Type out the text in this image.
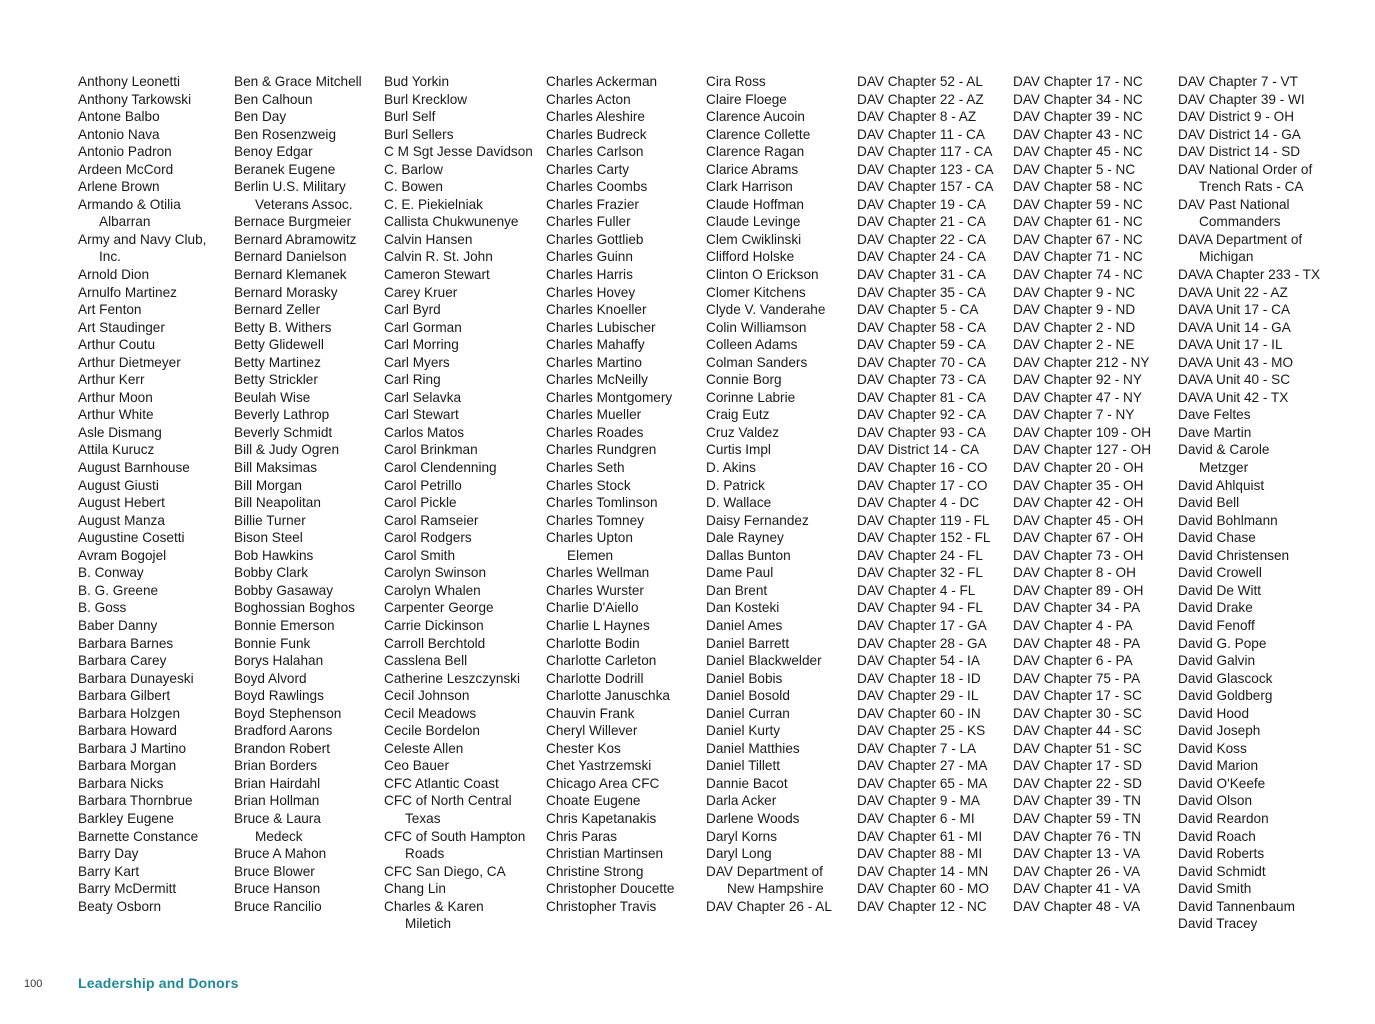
Anthony Leonetti
Anthony Tarkowski
Antone Balbo
Antonio Nava
Antonio Padron
Ardeen McCord
Arlene Brown
Armando & Otilia
Albarran
Army and Navy Club,
Inc.
Arnold Dion
Arnulfo Martinez
Art Fenton
Art Staudinger
Arthur Coutu
Arthur Dietmeyer
Arthur Kerr
Arthur Moon
Arthur White
Asle Dismang
Attila Kurucz
August Barnhouse
August Giusti
August Hebert
August Manza
Augustine Cosetti
Avram Bogojel
B. Conway
B. G. Greene
B. Goss
Baber Danny
Barbara Barnes
Barbara Carey
Barbara Dunayeski
Barbara Gilbert
Barbara Holzgen
Barbara Howard
Barbara J Martino
Barbara Morgan
Barbara Nicks
Barbara Thornbrue
Barkley Eugene
Barnette Constance
Barry Day
Barry Kart
Barry McDermitt
Beaty Osborn
Ben & Grace Mitchell
Ben Calhoun
Ben Day
Ben Rosenzweig
Benoy Edgar
Beranek Eugene
Berlin U.S. Military
Veterans Assoc.
Bernace Burgmeier
Bernard Abramowitz
Bernard Danielson
Bernard Klemanek
Bernard Morasky
Bernard Zeller
Betty B. Withers
Betty Glidewell
Betty Martinez
Betty Strickler
Beulah Wise
Beverly Lathrop
Beverly Schmidt
Bill & Judy Ogren
Bill Maksimas
Bill Morgan
Bill Neapolitan
Billie Turner
Bison Steel
Bob Hawkins
Bobby Clark
Bobby Gasaway
Boghossian Boghos
Bonnie Emerson
Bonnie Funk
Borys Halahan
Boyd Alvord
Boyd Rawlings
Boyd Stephenson
Bradford Aarons
Brandon Robert
Brian Borders
Brian Hairdahl
Brian Hollman
Bruce & Laura
Medeck
Bruce A Mahon
Bruce Blower
Bruce Hanson
Bruce Rancilio
Bud Yorkin
Burl Krecklow
Burl Self
Burl Sellers
C M Sgt Jesse Davidson
C. Barlow
C. Bowen
C. E. Piekielniak
Callista Chukwunenye
Calvin Hansen
Calvin R. St. John
Cameron Stewart
Carey Kruer
Carl Byrd
Carl Gorman
Carl Morring
Carl Myers
Carl Ring
Carl Selavka
Carl Stewart
Carlos Matos
Carol Brinkman
Carol Clendenning
Carol Petrillo
Carol Pickle
Carol Ramseier
Carol Rodgers
Carol Smith
Carolyn Swinson
Carolyn Whalen
Carpenter George
Carrie Dickinson
Carroll Berchtold
Casslena Bell
Catherine Leszczynski
Cecil Johnson
Cecil Meadows
Cecile Bordelon
Celeste Allen
Ceo Bauer
CFC Atlantic Coast
CFC of North Central
Texas
CFC of South Hampton
Roads
CFC San Diego, CA
Chang Lin
Charles & Karen
Miletich
Charles Ackerman
Charles Acton
Charles Aleshire
Charles Budreck
Charles Carlson
Charles Carty
Charles Coombs
Charles Frazier
Charles Fuller
Charles Gottlieb
Charles Guinn
Charles Harris
Charles Hovey
Charles Knoeller
Charles Lubischer
Charles Mahaffy
Charles Martino
Charles McNeilly
Charles Montgomery
Charles Mueller
Charles Roades
Charles Rundgren
Charles Seth
Charles Stock
Charles Tomlinson
Charles Tomney
Charles Upton
Elemen
Charles Wellman
Charles Wurster
Charlie D'Aiello
Charlie L Haynes
Charlotte Bodin
Charlotte Carleton
Charlotte Dodrill
Charlotte Januschka
Chauvin Frank
Cheryl Willever
Chester Kos
Chet Yastrzemski
Chicago Area CFC
Choate Eugene
Chris Kapetanakis
Chris Paras
Christian Martinsen
Christine Strong
Christopher Doucette
Christopher Travis
Cira Ross
Claire Floege
Clarence Aucoin
Clarence Collette
Clarence Ragan
Clarice Abrams
Clark Harrison
Claude Hoffman
Claude Levinge
Clem Cwiklinski
Clifford Holske
Clinton O Erickson
Clomer Kitchens
Clyde V. Vanderahe
Colin Williamson
Colleen Adams
Colman Sanders
Connie Borg
Corinne Labrie
Craig Eutz
Cruz Valdez
Curtis Impl
D. Akins
D. Patrick
D. Wallace
Daisy Fernandez
Dale Rayney
Dallas Bunton
Dame Paul
Dan Brent
Dan Kosteki
Daniel Ames
Daniel Barrett
Daniel Blackwelder
Daniel Bobis
Daniel Bosold
Daniel Curran
Daniel Kurty
Daniel Matthies
Daniel Tillett
Dannie Bacot
Darla Acker
Darlene Woods
Daryl Korns
Daryl Long
DAV Department of
New Hampshire
DAV Chapter 26 - AL
DAV Chapter 52 - AL
DAV Chapter 22 - AZ
DAV Chapter 8 - AZ
DAV Chapter 11 - CA
DAV Chapter 117 - CA
DAV Chapter 123 - CA
DAV Chapter 157 - CA
DAV Chapter 19 - CA
DAV Chapter 21 - CA
DAV Chapter 22 - CA
DAV Chapter 24 - CA
DAV Chapter 31 - CA
DAV Chapter 35 - CA
DAV Chapter 5 - CA
DAV Chapter 58 - CA
DAV Chapter 59 - CA
DAV Chapter 70 - CA
DAV Chapter 73 - CA
DAV Chapter 81 - CA
DAV Chapter 92 - CA
DAV Chapter 93 - CA
DAV District 14 - CA
DAV Chapter 16 - CO
DAV Chapter 17 - CO
DAV Chapter 4 - DC
DAV Chapter 119 - FL
DAV Chapter 152 - FL
DAV Chapter 24 - FL
DAV Chapter 32 - FL
DAV Chapter 4 - FL
DAV Chapter 94 - FL
DAV Chapter 17 - GA
DAV Chapter 28 - GA
DAV Chapter 54 - IA
DAV Chapter 18 - ID
DAV Chapter 29 - IL
DAV Chapter 60 - IN
DAV Chapter 25 - KS
DAV Chapter 7 - LA
DAV Chapter 27 - MA
DAV Chapter 65 - MA
DAV Chapter 9 - MA
DAV Chapter 6 - MI
DAV Chapter 61 - MI
DAV Chapter 88 - MI
DAV Chapter 14 - MN
DAV Chapter 60 - MO
DAV Chapter 12 - NC
DAV Chapter 17 - NC
DAV Chapter 34 - NC
DAV Chapter 39 - NC
DAV Chapter 43 - NC
DAV Chapter 45 - NC
DAV Chapter 5 - NC
DAV Chapter 58 - NC
DAV Chapter 59 - NC
DAV Chapter 61 - NC
DAV Chapter 67 - NC
DAV Chapter 71 - NC
DAV Chapter 74 - NC
DAV Chapter 9 - NC
DAV Chapter 9 - ND
DAV Chapter 2 - ND
DAV Chapter 2 - NE
DAV Chapter 212 - NY
DAV Chapter 92 - NY
DAV Chapter 47 - NY
DAV Chapter 7 - NY
DAV Chapter 109 - OH
DAV Chapter 127 - OH
DAV Chapter 20 - OH
DAV Chapter 35 - OH
DAV Chapter 42 - OH
DAV Chapter 45 - OH
DAV Chapter 67 - OH
DAV Chapter 73 - OH
DAV Chapter 8 - OH
DAV Chapter 89 - OH
DAV Chapter 34 - PA
DAV Chapter 4 - PA
DAV Chapter 48 - PA
DAV Chapter 6 - PA
DAV Chapter 75 - PA
DAV Chapter 17 - SC
DAV Chapter 30 - SC
DAV Chapter 44 - SC
DAV Chapter 51 - SC
DAV Chapter 17 - SD
DAV Chapter 22 - SD
DAV Chapter 39 - TN
DAV Chapter 59 - TN
DAV Chapter 76 - TN
DAV Chapter 13 - VA
DAV Chapter 26 - VA
DAV Chapter 41 - VA
DAV Chapter 48 - VA
DAV Chapter 7 - VT
DAV Chapter 39 - WI
DAV District 9 - OH
DAV District 14 - GA
DAV District 14 - SD
DAV National Order of
Trench Rats - CA
DAV Past National
Commanders
DAVA Department of
Michigan
DAVA Chapter 233 - TX
DAVA Unit 22 - AZ
DAVA Unit 17 - CA
DAVA Unit 14 - GA
DAVA Unit 17 - IL
DAVA Unit 43 - MO
DAVA Unit 40 - SC
DAVA Unit 42 - TX
Dave Feltes
Dave Martin
David & Carole
Metzger
David Ahlquist
David Bell
David Bohlmann
David Chase
David Christensen
David Crowell
David De Witt
David Drake
David Fenoff
David G. Pope
David Galvin
David Glascock
David Goldberg
David Hood
David Joseph
David Koss
David Marion
David O'Keefe
David Olson
David Reardon
David Roach
David Roberts
David Schmidt
David Smith
David Tannenbaum
David Tracey
100	Leadership and Donors
